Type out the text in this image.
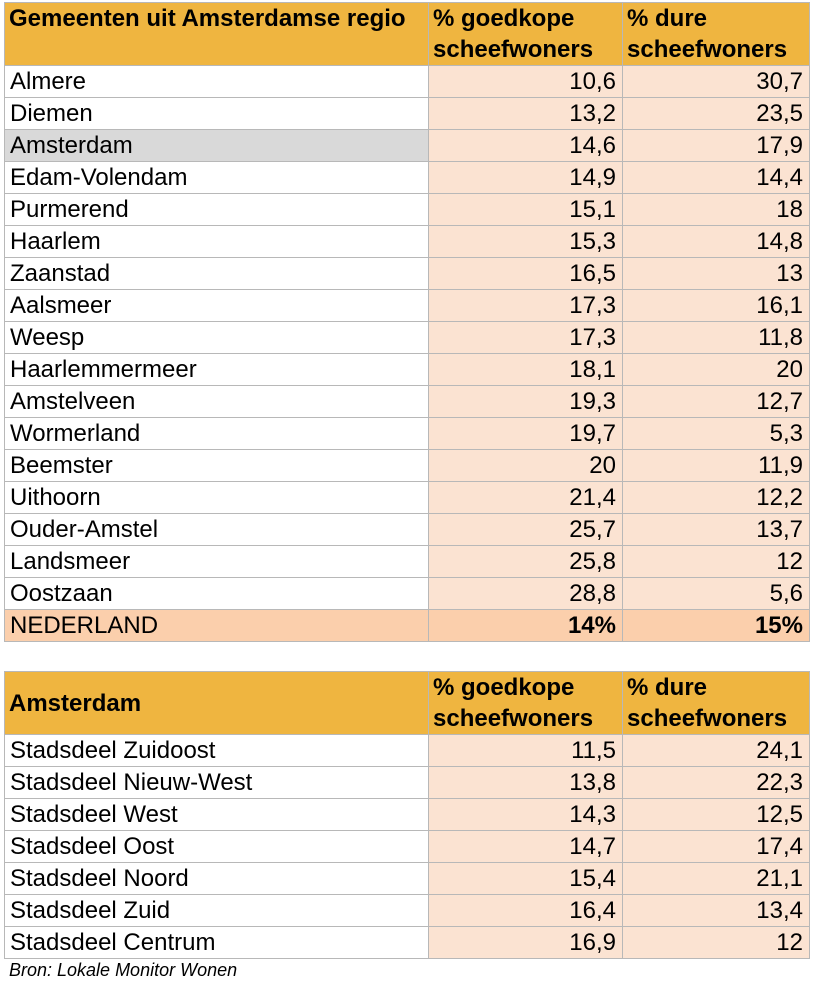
Gemeenten uit Amsterdamse regio	% goedkope scheefwoners	% dure scheefwoners
Almere	10,6	30,7
Diemen	13,2	23,5
Amsterdam	14,6	17,9
Edam-Volendam	14,9	14,4
Purmerend	15,1	18
Haarlem	15,3	14,8
Zaanstad	16,5	13
Aalsmeer	17,3	16,1
Weesp	17,3	11,8
Haarlemmermeer	18,1	20
Amstelveen	19,3	12,7
Wormerland	19,7	5,3
Beemster	20	11,9
Uithoorn	21,4	12,2
Ouder-Amstel	25,7	13,7
Landsmeer	25,8	12
Oostzaan	28,8	5,6
NEDERLAND	14%	15%
Amsterdam	% goedkope scheefwoners	% dure scheefwoners
Stadsdeel Zuidoost	11,5	24,1
Stadsdeel Nieuw-West	13,8	22,3
Stadsdeel West	14,3	12,5
Stadsdeel Oost	14,7	17,4
Stadsdeel Noord	15,4	21,1
Stadsdeel Zuid	16,4	13,4
Stadsdeel Centrum	16,9	12
Bron: Lokale Monitor Wonen
